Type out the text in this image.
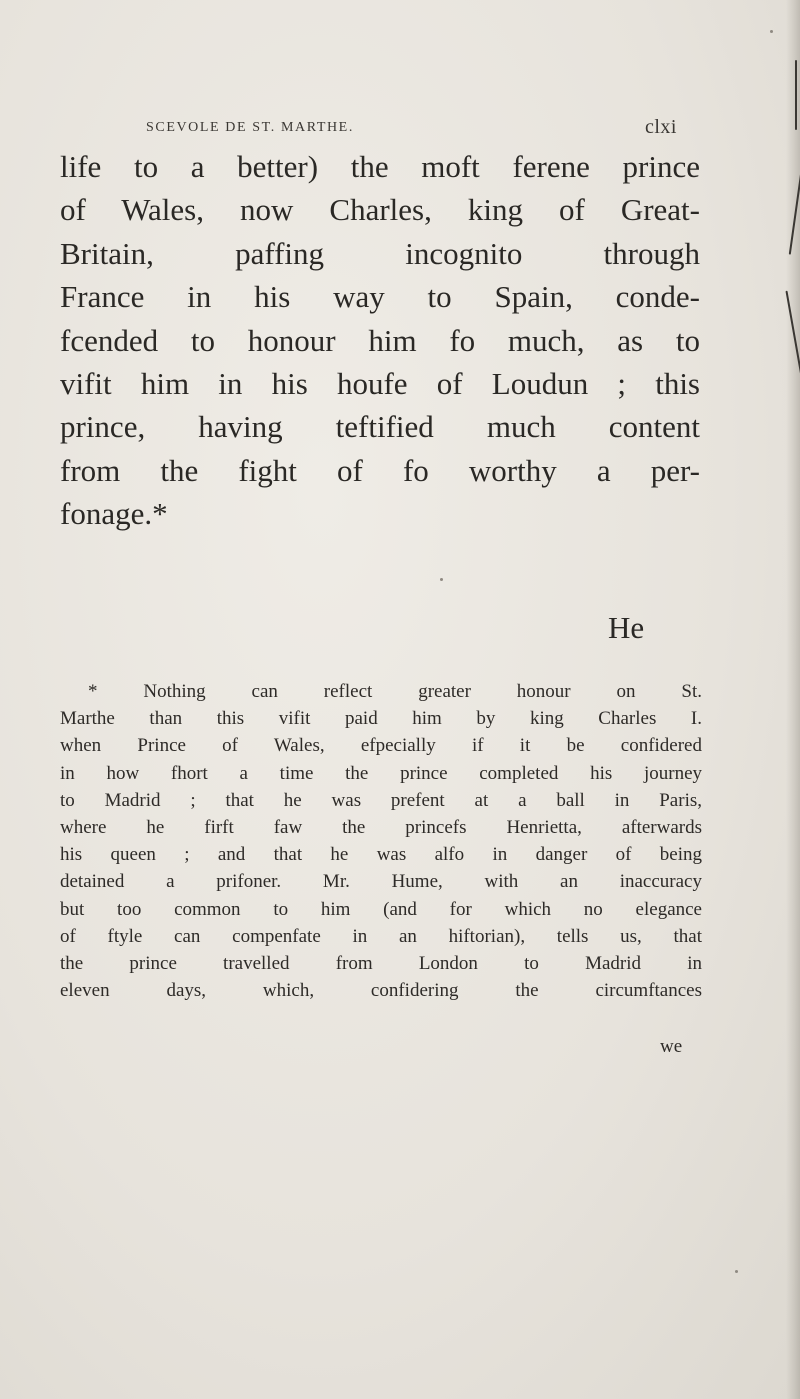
SCEVOLE DE ST. MARTHE.	clxi
life to a better) the moft ferene prince
of Wales, now Charles, king of Great-
Britain, paffing incognito through
France in his way to Spain, conde-
fcended to honour him fo much, as to
vifit him in his houfe of Loudun ; this
prince, having teftified much content
from the fight of fo worthy a per-
fonage.*
He
* Nothing can reflect greater honour on St.
Marthe than this vifit paid him by king Charles I.
when Prince of Wales, efpecially if it be confidered
in how fhort a time the prince completed his journey
to Madrid ; that he was prefent at a ball in Paris,
where he firft faw the princefs Henrietta, afterwards
his queen ; and that he was alfo in danger of being
detained a prifoner. Mr. Hume, with an inaccuracy
but too common to him (and for which no elegance
of ftyle can compenfate in an hiftorian), tells us, that
the prince travelled from London to Madrid in
eleven days, which, confidering the circumftances
we
